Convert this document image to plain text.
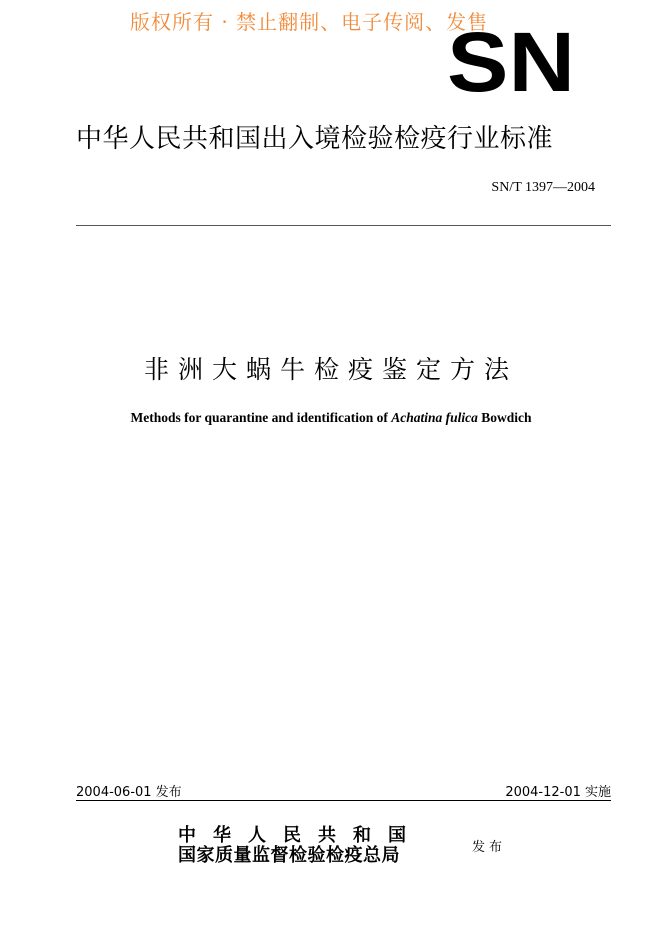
版权所有 · 禁止翻制、电子传阅、发售
SN
中华人民共和国出入境检验检疫行业标准
SN/T 1397—2004
非洲大蜗牛检疫鉴定方法
Methods for quarantine and identification of Achatina fulica Bowdich
2004-06-01 发布	2004-12-01 实施
中华人民共和国
国家质量监督检验检疫总局	发布
